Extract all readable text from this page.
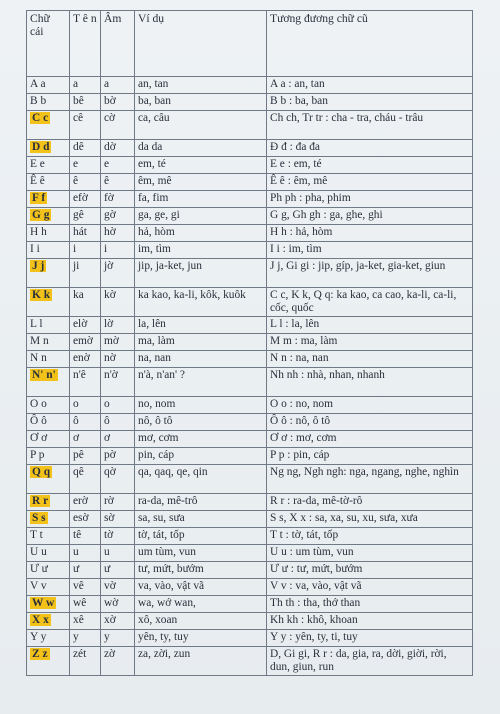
Chữ cái	T ê n	Âm	Ví dụ	Tương đương chữ cũ
A a	a	a	an, tan	A a : an, tan
B b	bê	bờ	ba, ban	B b : ba, ban
C c	cê	cờ	ca, câu	Ch ch, Tr tr : cha - tra, cháu - trâu
D d	dê	dờ	da da	Đ đ : đa đa
E e	e	e	em, té	E e : em, té
Ê ê	ê	ê	êm, mê	Ê ê : êm, mê
F f	efờ	fờ	fa, fim	Ph ph : pha, phim
G g	gê	gờ	ga, ge, gi	G g, Gh gh : ga, ghe, ghi
H h	hát	hờ	hả, hòm	H h : hả, hòm
I i	i	i	im, tìm	I i : im, tìm
J j	ji	jờ	jip, ja-ket, jun	J j, Gi gi : jip, gíp, ja-ket, gia-ket, giun
K k	ka	kờ	ka kao, ka-li, kôk, kuôk	C c, K k, Q q: ka kao, ca cao, ka-li, ca-li, cốc, quốc
L l	elờ	lờ	la, lên	L l : la, lên
M n	emờ	mờ	ma, làm	M m : ma, làm
N n	enờ	nờ	na, nan	N n : na, nan
N' n'	n'ê	n'ờ	n'à, n'an' ?	Nh nh : nhà, nhan, nhanh
O o	o	o	no, nom	O o : no, nom
Ô ô	ô	ô	nô, ô tô	Ô ô : nô, ô tô
Ơ ơ	ơ	ơ	mơ, cơm	Ơ ơ : mơ, cơm
P p	pê	pờ	pin, cáp	P p : pin, cáp
Q q	qê	qờ	qa, qaq, qe, qin	Ng ng, Ngh ngh: nga, ngang, nghe, nghìn
R r	erờ	rờ	ra-da, mê-trô	R r : ra-da, mê-tờ-rô
S s	esờ	sờ	sa, su, sưa	S s, X x : sa, xa, su, xu, sưa, xưa
T t	tê	tờ	tờ, tát, tốp	T t : tờ, tát, tốp
U u	u	u	um tùm, vun	U u : um tùm, vun
Ư ư	ư	ư	tư, mứt, bướm	Ư ư : tư, mứt, bướm
V v	vê	vờ	va, vào, vật vã	V v : va, vào, vật vã
W w	wê	wờ	wa, wớ wan,	Th th : tha, thớ than
X x	xê	xờ	xô, xoan	Kh kh : khô, khoan
Y y	y	y	yên, ty, tuy	Y y : yên, ty, ti, tuy
Z z	zét	zờ	za, zời, zun	D, Gi gi, R r : da, gia, ra, dời, giời, rời, dun, giun, run
